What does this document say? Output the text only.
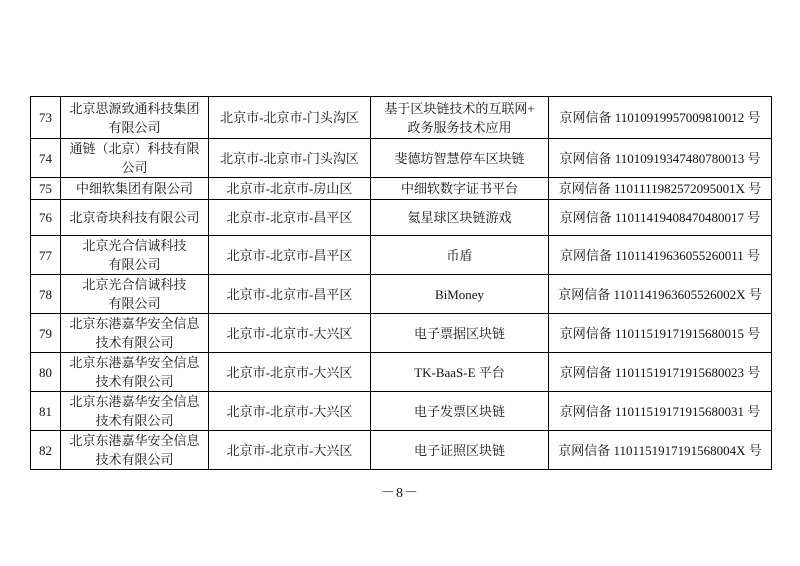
73	北京思源致通科技集团
有限公司	北京市-北京市-门头沟区	基于区块链技术的互联网+
政务服务技术应用	京网信备 11010919957009810012 号
74	通链（北京）科技有限
公司	北京市-北京市-门头沟区	斐德坊智慧停车区块链	京网信备 11010919347480780013 号
75	中细软集团有限公司	北京市-北京市-房山区	中细软数字证书平台	京网信备 1101111982572095001X 号
76	北京奇块科技有限公司	北京市-北京市-昌平区	氦星球区块链游戏	京网信备 11011419408470480017 号
77	北京光合信诚科技
有限公司	北京市-北京市-昌平区	币盾	京网信备 11011419636055260011 号
78	北京光合信诚科技
有限公司	北京市-北京市-昌平区	BiMoney	京网信备 1101141963605526002X 号
79	北京东港嘉华安全信息
技术有限公司	北京市-北京市-大兴区	电子票据区块链	京网信备 11011519171915680015 号
80	北京东港嘉华安全信息
技术有限公司	北京市-北京市-大兴区	TK-BaaS-E 平台	京网信备 11011519171915680023 号
81	北京东港嘉华安全信息
技术有限公司	北京市-北京市-大兴区	电子发票区块链	京网信备 11011519171915680031 号
82	北京东港嘉华安全信息
技术有限公司	北京市-北京市-大兴区	电子证照区块链	京网信备 1101151917191568004X 号
－8－
